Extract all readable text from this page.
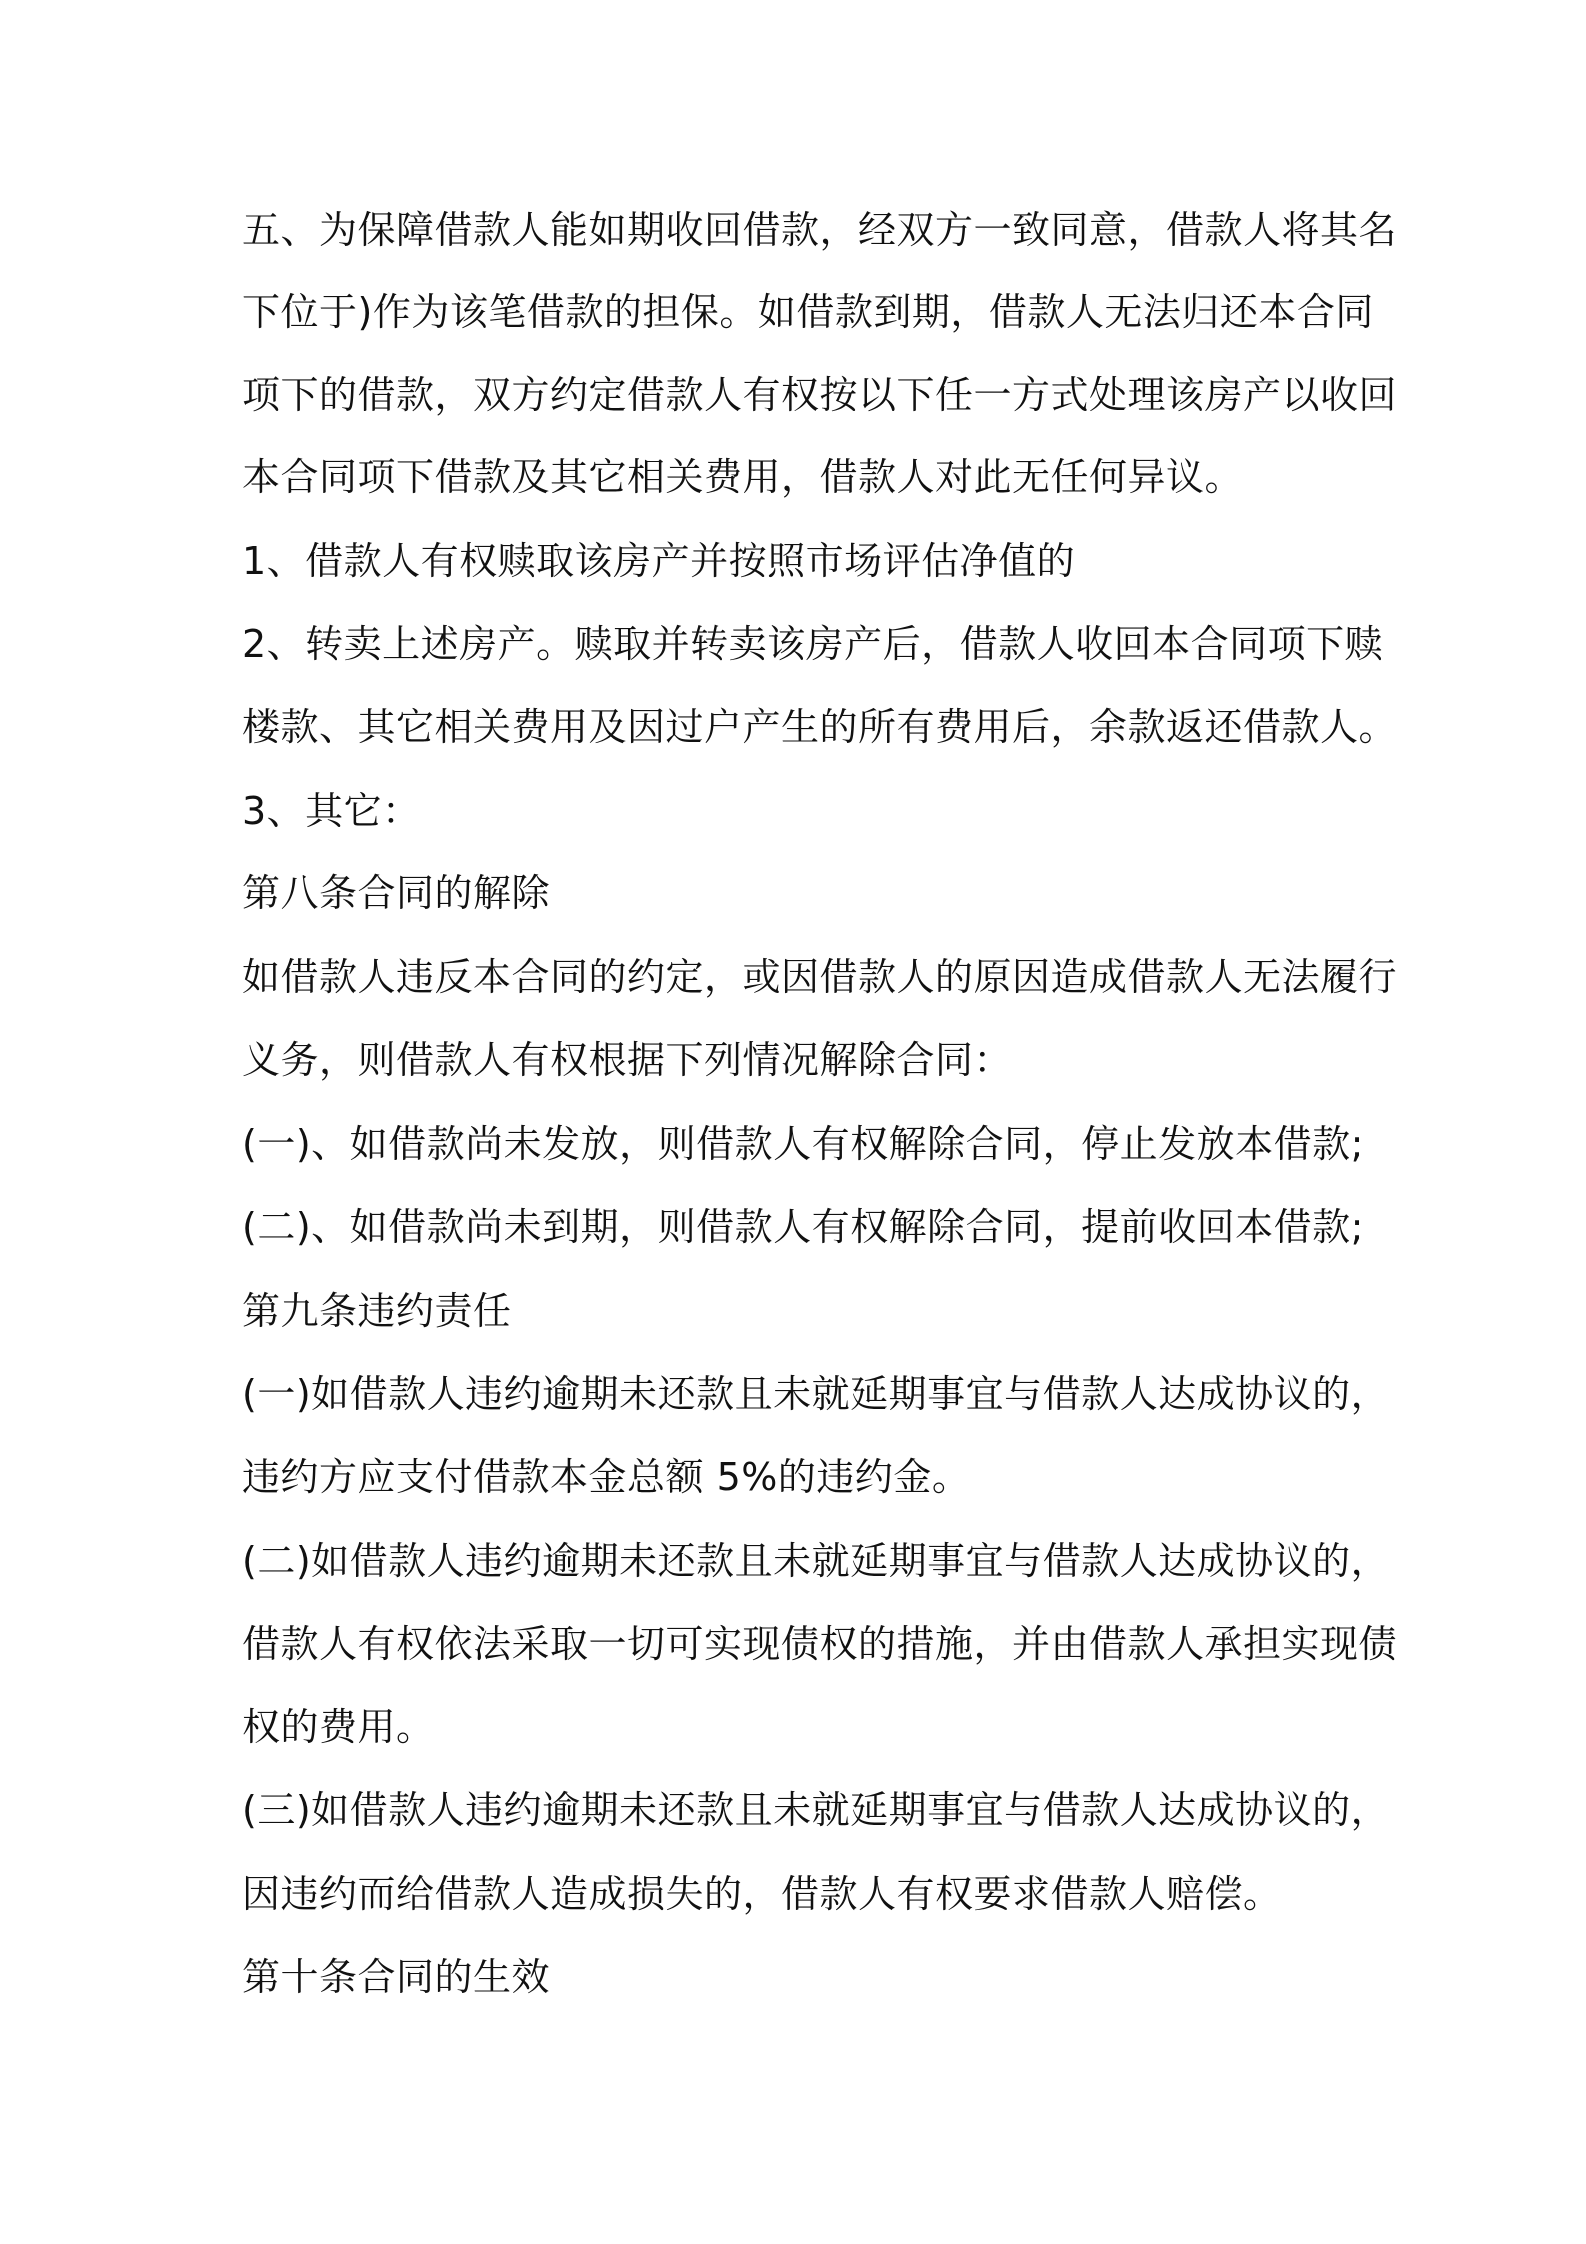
五、为保障借款人能如期收回借款，经双方一致同意，借款人将其名
下位于)作为该笔借款的担保。如借款到期，借款人无法归还本合同
项下的借款，双方约定借款人有权按以下任一方式处理该房产以收回
本合同项下借款及其它相关费用，借款人对此无任何异议。
1、借款人有权赎取该房产并按照市场评估净值的
2、转卖上述房产。赎取并转卖该房产后，借款人收回本合同项下赎
楼款、其它相关费用及因过户产生的所有费用后，余款返还借款人。
3、其它：
第八条合同的解除
如借款人违反本合同的约定，或因借款人的原因造成借款人无法履行
义务，则借款人有权根据下列情况解除合同：
(一)、如借款尚未发放，则借款人有权解除合同，停止发放本借款;
(二)、如借款尚未到期，则借款人有权解除合同，提前收回本借款;
第九条违约责任
(一)如借款人违约逾期未还款且未就延期事宜与借款人达成协议的，
违约方应支付借款本金总额 5%的违约金。
(二)如借款人违约逾期未还款且未就延期事宜与借款人达成协议的，
借款人有权依法采取一切可实现债权的措施，并由借款人承担实现债
权的费用。
(三)如借款人违约逾期未还款且未就延期事宜与借款人达成协议的，
因违约而给借款人造成损失的，借款人有权要求借款人赔偿。
第十条合同的生效
